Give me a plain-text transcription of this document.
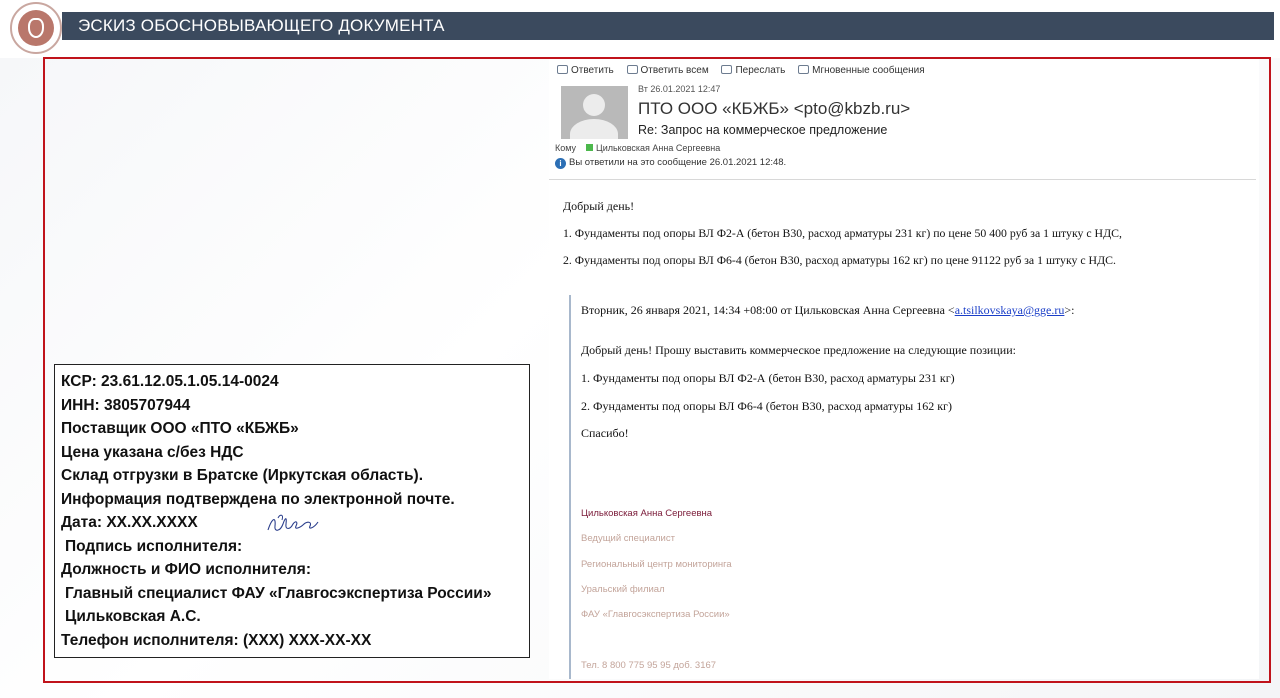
ЭСКИЗ ОБОСНОВЫВАЮЩЕГО ДОКУМЕНТА
КСР: 23.61.12.05.1.05.14-0024
ИНН: 3805707944
Поставщик ООО «ПТО «КБЖБ»
Цена указана с/без НДС
Склад отгрузки в Братске (Иркутская область).
Информация подтверждена по электронной почте.
Дата: ХХ.ХХ.ХХХХ
Подпись исполнителя:
Должность и ФИО исполнителя:
Главный специалист ФАУ «Главгосэкспертиза России»
Цильковская А.С.
Телефон исполнителя: (XXX) XXX-XX-XX
Ответить	Ответить всем	Переслать	Мгновенные сообщения
Вт 26.01.2021 12:47
ПТО ООО «КБЖБ» <pto@kbzb.ru>
Re: Запрос на коммерческое предложение
Кому Цильковская Анна Сергеевна
i Вы ответили на это сообщение 26.01.2021 12:48.
Добрый день!
1. Фундаменты под опоры ВЛ Ф2-А (бетон В30, расход арматуры 231 кг) по цене 50 400 руб за 1 штуку с НДС,
2. Фундаменты под опоры ВЛ Ф6-4 (бетон В30, расход арматуры 162 кг) по цене 91122 руб за 1 штуку с НДС.
Вторник, 26 января 2021, 14:34 +08:00 от Цильковская Анна Сергеевна <a.tsilkovskaya@gge.ru>:
Добрый день! Прошу выставить коммерческое предложение на следующие позиции:
1. Фундаменты под опоры ВЛ Ф2-А (бетон В30, расход арматуры 231 кг)
2. Фундаменты под опоры ВЛ Ф6-4 (бетон В30, расход арматуры 162 кг)
Спасибо!
Цильковская Анна Сергеевна
Ведущий специалист
Региональный центр мониторинга
Уральский филиал
ФАУ «Главгосэкспертиза России»
Тел. 8 800 775 95 95 доб. 3167
